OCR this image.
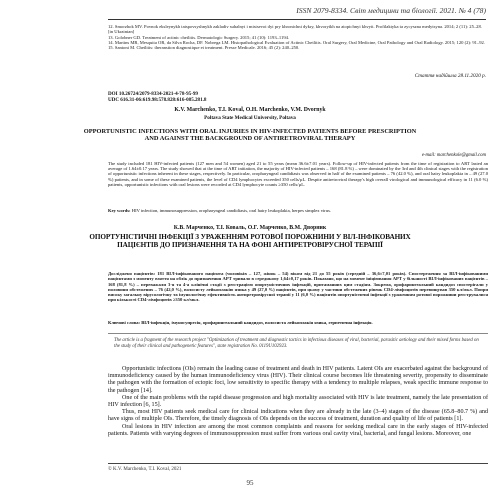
ISSN 2079-8334. Світ медицини та біології. 2021. № 4 (78)
12. Smorzhok MV. Povnok eksleynykh tatspovsyshnykh zakladiv suhalnyi i mistsevoi dyi pry khronichni dykry, khvoryikh na atopichnyi khvyit. Profilaktyka ta zycyszna medytsyna. 2014; 2 (11): 25–28. [in Ukrainian]
13. Golobner GD. Treatment of actinic cheilitis. Dermatologic Surgery. 2015; 41 (10): 1193–1194.
14. Martins MR, Mesquita OR, da Silva Rocha, DF. Nobrega LM. Histopathological Evaluation of Actinic Cheilitis. Oral Surgery, Oral Medicine, Oral Pathology and Oral Radiology. 2015; 120 (2): 91–92.
15. Santoni M. Cheilitis: theranstion diagnostique et treatment. Presse Medicale. 2016; 45 (2): 240–250.
Стаття надійшла 28.11.2020 р.
DOI 10.26724/2079-8334-2021-4-78-95-99
UDC 616.31-06:619.98:578.828:616-085.281.8
K.V. Marchenko, T.I. Koval, O.H. Marchenko, V.M. Dvornyk
Poltava State Medical University, Poltava
OPPORTUNISTIC INFECTIONS WITH ORAL INJURIES IN HIV-INFECTED PATIENTS BEFORE PRESCRIPTION AND AGAINST THE BACKGROUND OF ANTIRETROVIRAL THERAPY
e-mail: marchenkole@gmail.com
The study included 181 HIV-infected patients (127 men and 54 women) aged 21 to 55 years (mean 36.6±7.01 years). Follow-up of HIV-infected patients from the time of registration to ART lasted an average of 1.64±0.17 years. The study showed that at the time of ART initiation, the majority of HIV-infected patients – 168 (81.8 %) – were dominated by the 3rd and 4th clinical stages with the registration of opportunistic infections inherent in these stages, respectively. In particular, oropharyngeal candidiasis was observed in half of the examined patients – 76 (42.0 %), and oral hairy leukoplakia in – 49 (27.0 %) patients, and in some of these examined patients, the level of CD4 lymphocytes exceeded 350 cells/µL. Despite antiretroviral therapy's high overall virological and immunological efficacy in 11 (6.0 %) patients, opportunistic infections with oral lesions were recorded at CD4 lymphocyte counts ≥350 cells/µL.
Key words: HIV infection, immunosuppression, oropharyngeal candidiasis, oral hairy leukoplakia, herpes simplex virus.
К.В. Марченко, Т.І. Коваль, О.Г. Марченко, В.М. Дворник
ОПОРТУНІСТИЧНІ ІНФЕКЦІЇ З УРАЖЕННЯМ РОТОВОЇ ПОРОЖНИНИ У ВІЛ-ІНФІКОВАНИХ ПАЦІЄНТІВ ДО ПРИЗНАЧЕННЯ ТА НА ФОНІ АНТИРЕТРОВІРУСНОЇ ТЕРАПІЇ
Досліджено пацієнтів: 181 ВІЛ-інфікованого пацієнта (чоловіків – 127, жінок – 54) віком від 21 до 55 років (середній – 36,6±7,01 років). Спостереження за ВІЛ-інфікованими пацієнтами з моменту взяття на облік до призначення АРТ тривало в середньому 1,64±0,17 років. Показано, що на момент ініціювання АРТ у більшості ВІЛ-інфікованих пацієнтів – 168 (81,8 %) – переважали 3-я та 4-а клінічні стадії з реєстрацією опортуністичних інфекцій, притаманних цим стадіям. Зокрема, орофарингеальний кандидоз спостерігали у половини обстежених – 76 (42,0 %), волосисту лейкоплакію язика у 49 (27,0 %) пацієнтів, при цьому у частини обстежених рівень CD4-лімфоцитів перевищував 350 кл/мкл. Попри високу загальну вірусологічну та імунологічну ефективність антиретровірусної терапії у 11 (6,0 %) пацієнтів опортуністичні інфекції з ураженням ротової порожнини реєструвалися при кількості CD4-лімфоцитів ≥350 кл/мкл.
Ключові слова: ВІЛ-інфекція, імуносупресія, орофарингеальний кандидоз, волосиста лейкоплакія язика, герпетична інфекція.
The article is a fragment of the research project "Optimization of treatment and diagnostic tactics in infectious diseases of viral, bacterial, parasitic aetiology and their mixed forms based on the study of their clinical and pathogenetic features", state registration No. 0119U102923.

Opportunistic infections (OIs) remain the leading cause of treatment and death in HIV patients. Latent OIs are exacerbated against the background of immunodeficiency caused by the human immunodeficiency virus (HIV). Their clinical course becomes life threatening severity, propensity to disseminate the pathogen with the formation of ectopic foci, low sensitivity to specific therapy with a tendency to multiple relapses, weak specific immune response to the pathogen [14].

One of the main problems with the rapid disease progression and high mortality associated with HIV is late treatment, namely the late presentation of HIV infection [6, 15].

Thus, most HIV patients seek medical care for clinical indications when they are already in the late (3–4) stages of the disease (65.8–80.7 %) and have signs of multiple OIs. Therefore, the timely diagnosis of OIs depends on the success of treatment, duration and quality of life of patients [1].

Oral lesions in HIV infection are among the most common complaints and reasons for seeking medical care in the early stages of HIV-infected patients. Patients with varying degrees of immunosuppression must suffer from various oral cavity viral, bacterial, and fungal lesions. Moreover, one

© K.V. Marchenko, T.I. Koval, 2021
95
